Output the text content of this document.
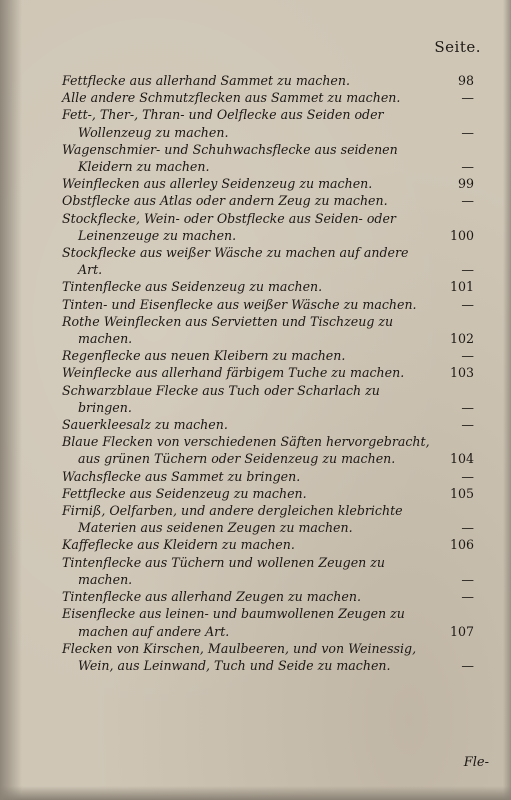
Seite.
Fettflecke aus allerhand Sammet zu machen.	98
Alle andere Schmutzflecken aus Sammet zu machen.	—
Fett-, Ther-, Thran- und Oelflecke aus Seiden oder Wollenzeug zu machen.	—
Wagenschmier- und Schuhwachsflecke aus seidenen Kleidern zu machen.	—
Weinflecken aus allerley Seidenzeug zu machen.	99
Obstflecke aus Atlas oder andern Zeug zu machen.	—
Stockflecke, Wein- oder Obstflecke aus Seiden- oder Leinenzeuge zu machen.	100
Stockflecke aus weißer Wäsche zu machen auf andere Art.	—
Tintenflecke aus Seidenzeug zu machen.	101
Tinten- und Eisenflecke aus weißer Wäsche zu machen.	—
Rothe Weinflecken aus Servietten und Tischzeug zu machen.	102
Regenflecke aus neuen Kleibern zu machen.	—
Weinflecke aus allerhand färbigem Tuche zu machen.	103
Schwarzblaue Flecke aus Tuch oder Scharlach zu bringen.	—
Sauerkleesalz zu machen.	—
Blaue Flecken von verschiedenen Säften hervorgebracht, aus grünen Tüchern oder Seidenzeug zu machen.	104
Wachsflecke aus Sammet zu bringen.	—
Fettflecke aus Seidenzeug zu machen.	105
Firniß, Oelfarben, und andere dergleichen klebrichte Materien aus seidenen Zeugen zu machen.	—
Kaffeflecke aus Kleidern zu machen.	106
Tintenflecke aus Tüchern und wollenen Zeugen zu machen.	—
Tintenflecke aus allerhand Zeugen zu machen.	—
Eisenflecke aus leinen- und baumwollenen Zeugen zu machen auf andere Art.	107
Flecken von Kirschen, Maulbeeren, und von Weinessig, Wein, aus Leinwand, Tuch und Seide zu machen.	—
Fle-
